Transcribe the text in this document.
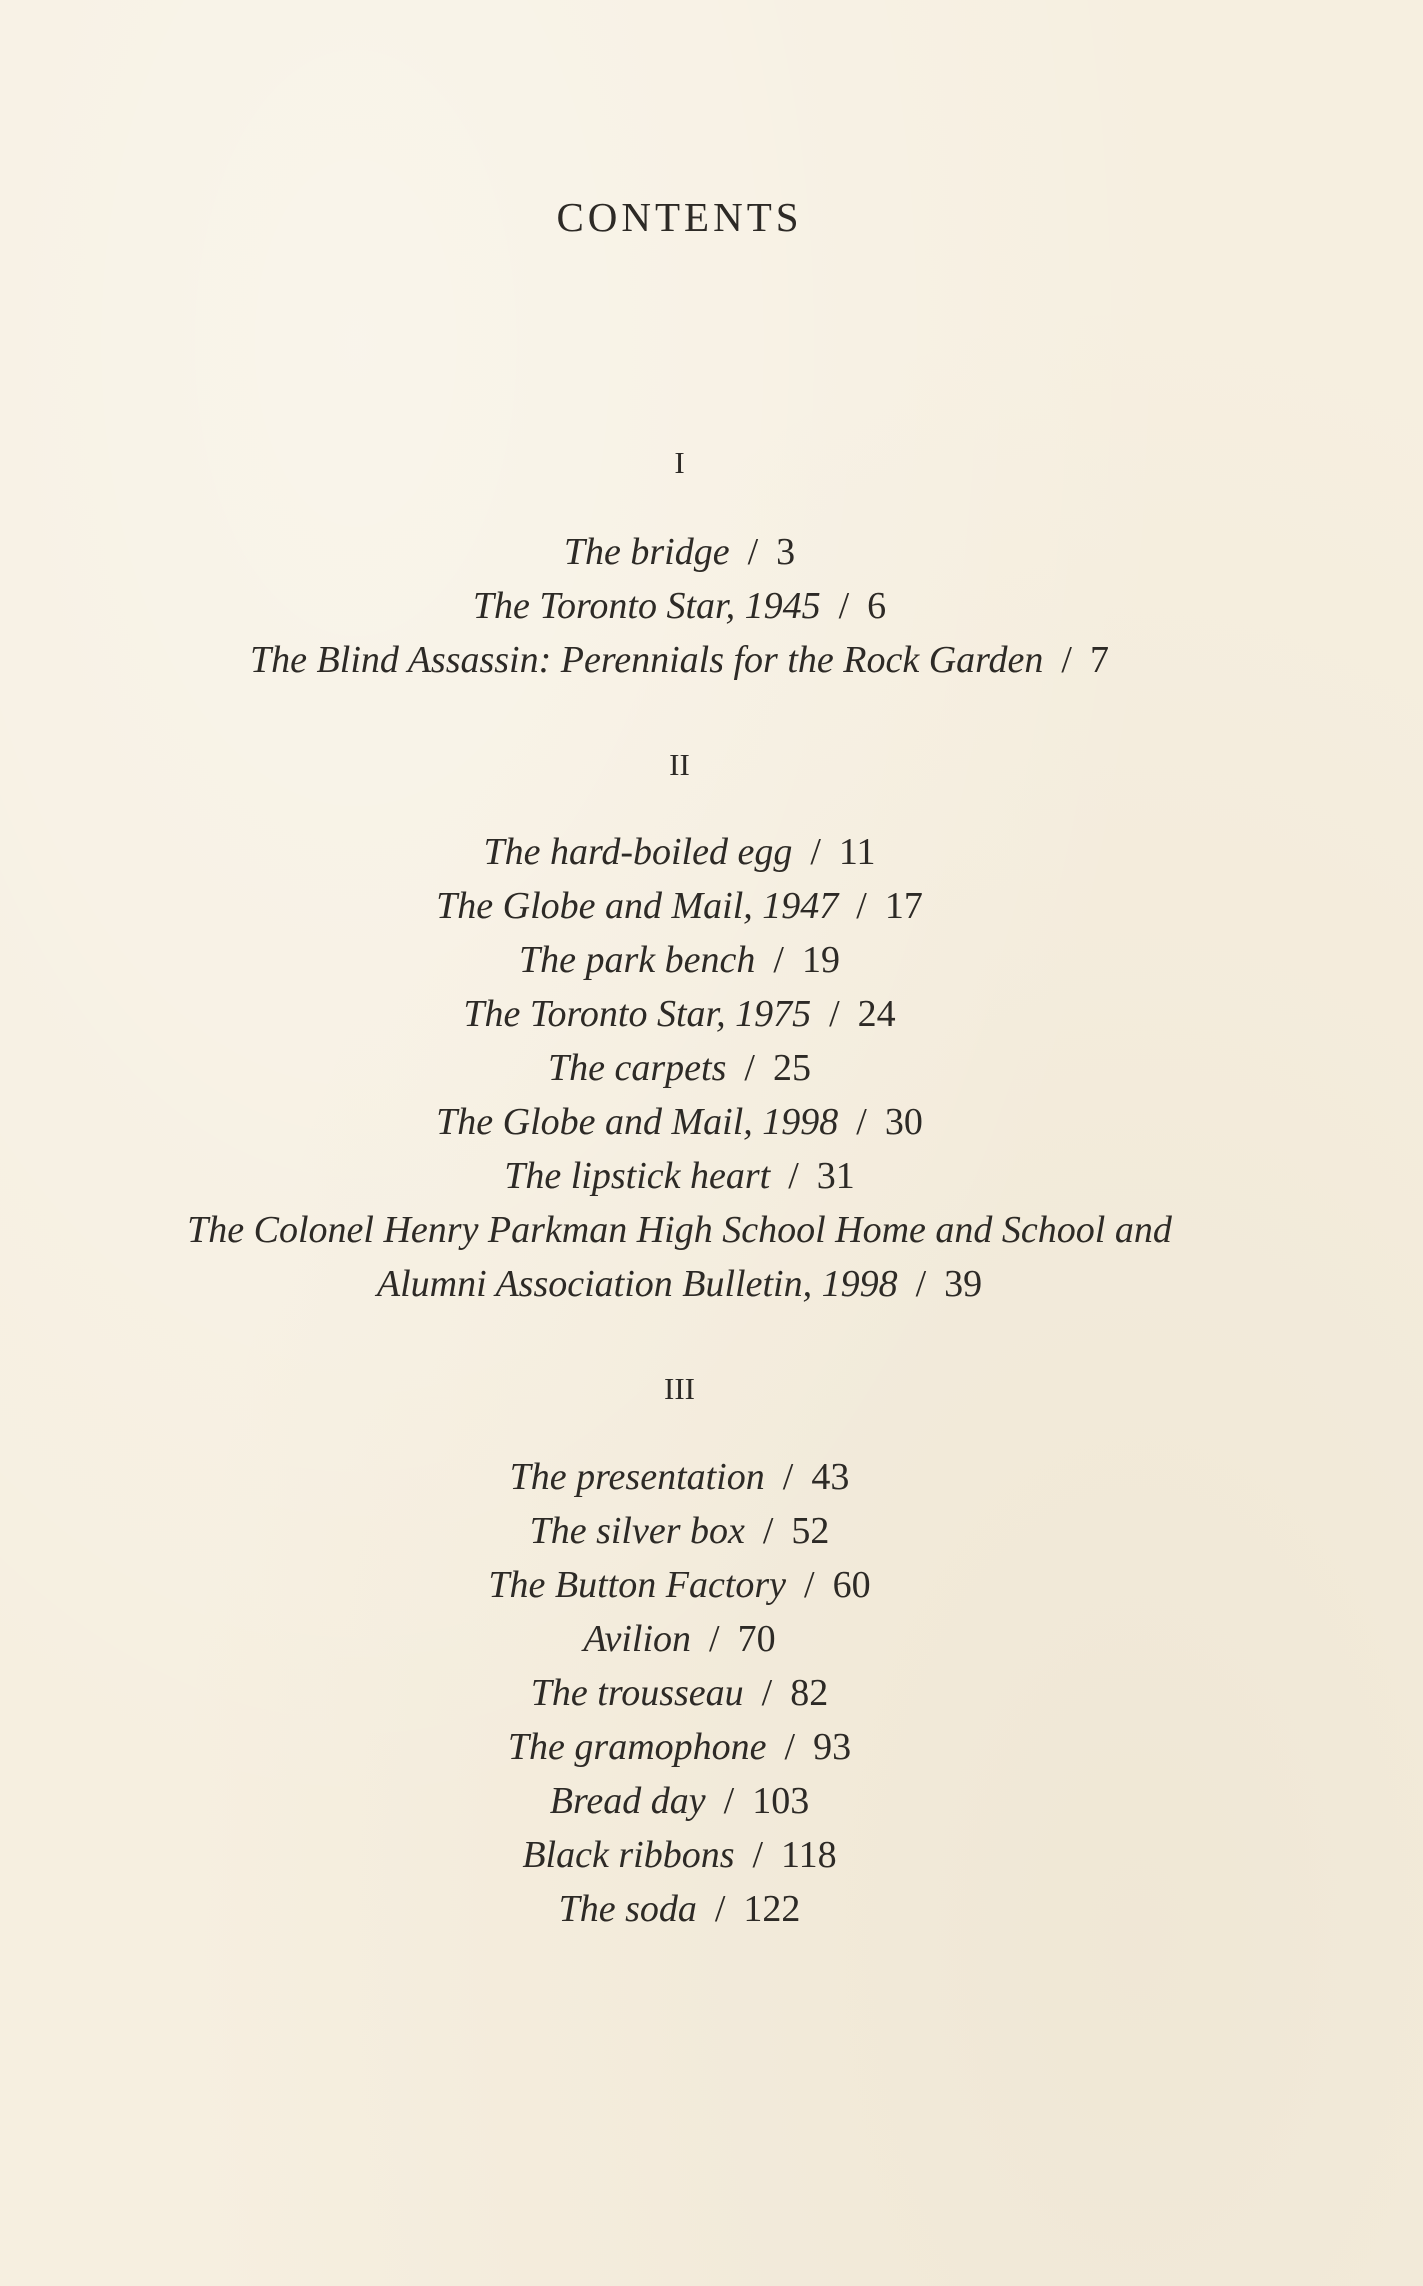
CONTENTS
I
The bridge / 3
The Toronto Star, 1945 / 6
The Blind Assassin: Perennials for the Rock Garden / 7
II
The hard-boiled egg / 11
The Globe and Mail, 1947 / 17
The park bench / 19
The Toronto Star, 1975 / 24
The carpets / 25
The Globe and Mail, 1998 / 30
The lipstick heart / 31
The Colonel Henry Parkman High School Home and School and Alumni Association Bulletin, 1998 / 39
III
The presentation / 43
The silver box / 52
The Button Factory / 60
Avilion / 70
The trousseau / 82
The gramophone / 93
Bread day / 103
Black ribbons / 118
The soda / 122
